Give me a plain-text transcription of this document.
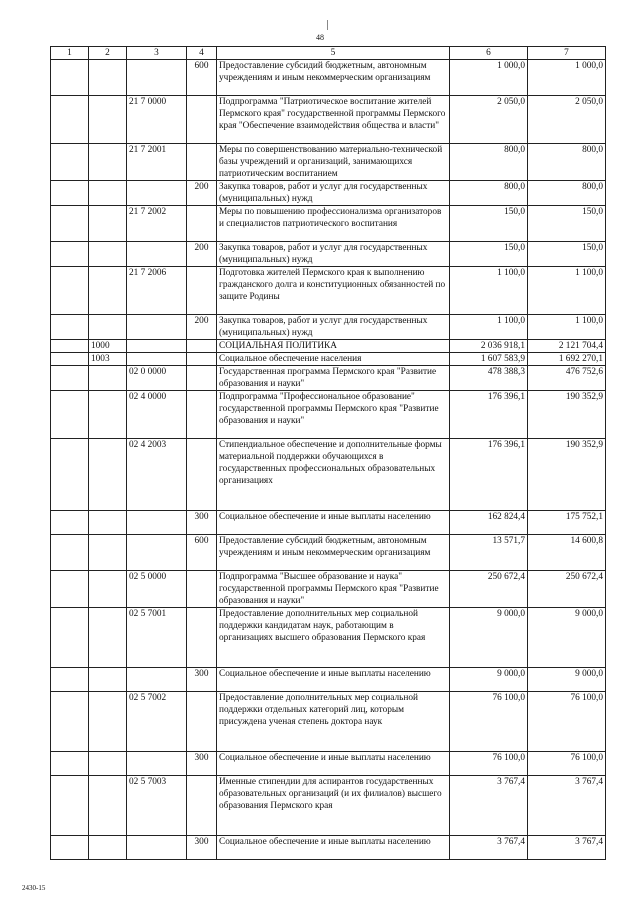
48
1	2	3	4	5	6	7
			600	Предоставление субсидий бюджетным, автономным учреждениям и иным некоммерческим организациям	1 000,0	1 000,0
		21 7 0000		Подпрограмма "Патриотическое воспитание жителей Пермского края" государственной программы Пермского края "Обеспечение взаимодействия общества и власти"	2 050,0	2 050,0
		21 7 2001		Меры по совершенствованию материально-технической базы учреждений и организаций, занимающихся патриотическим воспитанием	800,0	800,0
			200	Закупка товаров, работ и услуг для государственных (муниципальных) нужд	800,0	800,0
		21 7 2002		Меры по повышению профессионализма организаторов и специалистов патриотического воспитания	150,0	150,0
			200	Закупка товаров, работ и услуг для государственных (муниципальных) нужд	150,0	150,0
		21 7 2006		Подготовка жителей Пермского края к выполнению гражданского долга и конституционных обязанностей по защите Родины	1 100,0	1 100,0
			200	Закупка товаров, работ и услуг для государственных (муниципальных) нужд	1 100,0	1 100,0
	1000			СОЦИАЛЬНАЯ ПОЛИТИКА	2 036 918,1	2 121 704,4
	1003			Социальное обеспечение населения	1 607 583,9	1 692 270,1
		02 0 0000		Государственная программа Пермского края "Развитие образования и науки"	478 388,3	476 752,6
		02 4 0000		Подпрограмма "Профессиональное образование" государственной программы Пермского края "Развитие образования и науки"	176 396,1	190 352,9
		02 4 2003		Стипендиальное обеспечение и дополнительные формы материальной поддержки обучающихся в государственных профессиональных образовательных организациях	176 396,1	190 352,9
			300	Социальное обеспечение и иные выплаты населению	162 824,4	175 752,1
			600	Предоставление субсидий бюджетным, автономным учреждениям и иным некоммерческим организациям	13 571,7	14 600,8
		02 5 0000		Подпрограмма "Высшее образование и наука" государственной программы Пермского края "Развитие образования и науки"	250 672,4	250 672,4
		02 5 7001		Предоставление дополнительных мер социальной поддержки кандидатам наук, работающим в организациях высшего образования Пермского края	9 000,0	9 000,0
			300	Социальное обеспечение и иные выплаты населению	9 000,0	9 000,0
		02 5 7002		Предоставление дополнительных мер социальной поддержки отдельных категорий лиц, которым присуждена ученая степень доктора наук	76 100,0	76 100,0
			300	Социальное обеспечение и иные выплаты населению	76 100,0	76 100,0
		02 5 7003		Именные стипендии для аспирантов государственных образовательных организаций (и их филиалов) высшего образования Пермского края	3 767,4	3 767,4
			300	Социальное обеспечение и иные выплаты населению	3 767,4	3 767,4
2430-15
